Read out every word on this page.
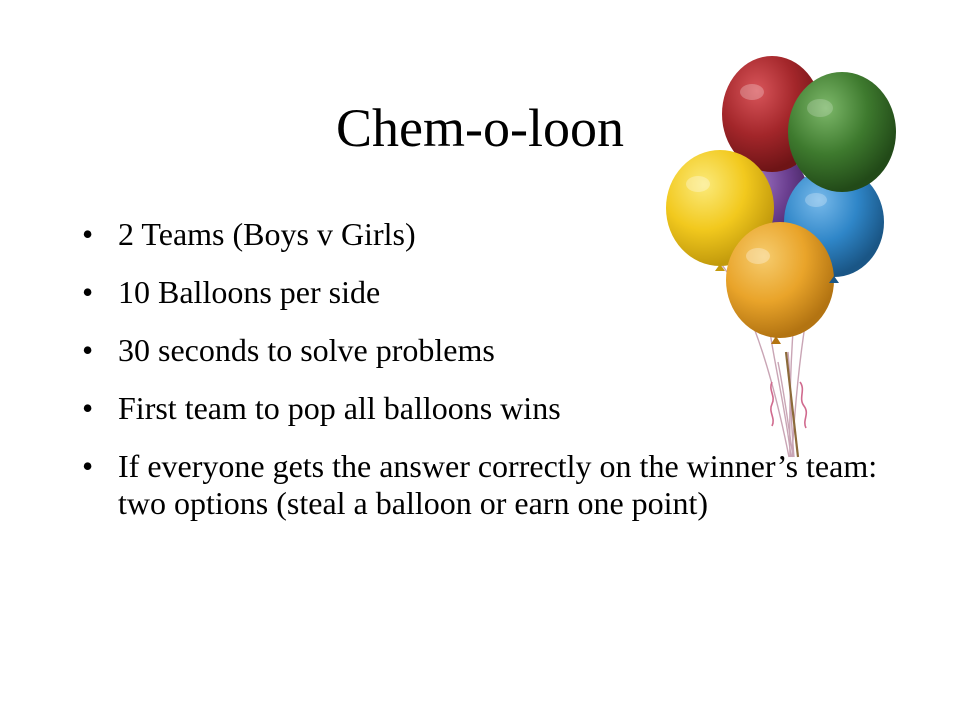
Chem-o-loon
• 2 Teams (Boys v Girls)
• 10 Balloons per side
• 30 seconds to solve problems
• First team to pop all balloons wins
• If everyone gets the answer correctly on the winner’s team: two options (steal a balloon or earn one point)
